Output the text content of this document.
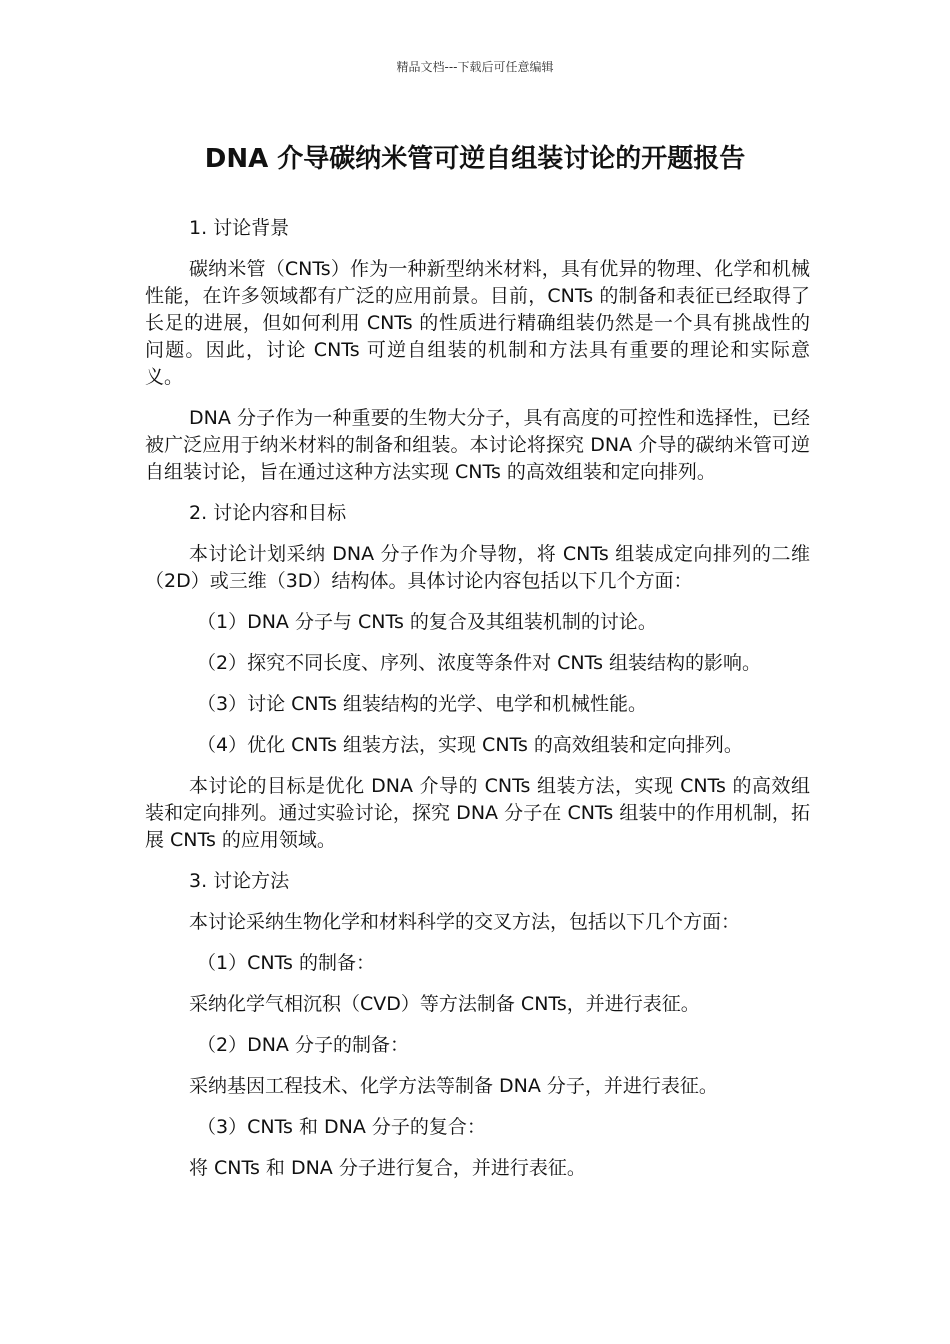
精品文档---下载后可任意编辑
DNA 介导碳纳米管可逆自组装讨论的开题报告

1. 讨论背景

碳纳米管（CNTs）作为一种新型纳米材料，具有优异的物理、化学和机械性能，在许多领域都有广泛的应用前景。目前，CNTs 的制备和表征已经取得了长足的进展，但如何利用 CNTs 的性质进行精确组装仍然是一个具有挑战性的问题。因此，讨论 CNTs 可逆自组装的机制和方法具有重要的理论和实际意义。

DNA 分子作为一种重要的生物大分子，具有高度的可控性和选择性，已经被广泛应用于纳米材料的制备和组装。本讨论将探究 DNA 介导的碳纳米管可逆自组装讨论，旨在通过这种方法实现 CNTs 的高效组装和定向排列。

2. 讨论内容和目标

本讨论计划采纳 DNA 分子作为介导物，将 CNTs 组装成定向排列的二维（2D）或三维（3D）结构体。具体讨论内容包括以下几个方面：

（1）DNA 分子与 CNTs 的复合及其组装机制的讨论。

（2）探究不同长度、序列、浓度等条件对 CNTs 组装结构的影响。

（3）讨论 CNTs 组装结构的光学、电学和机械性能。

（4）优化 CNTs 组装方法，实现 CNTs 的高效组装和定向排列。

本讨论的目标是优化 DNA 介导的 CNTs 组装方法，实现 CNTs 的高效组装和定向排列。通过实验讨论，探究 DNA 分子在 CNTs 组装中的作用机制，拓展 CNTs 的应用领域。

3. 讨论方法

本讨论采纳生物化学和材料科学的交叉方法，包括以下几个方面：

（1）CNTs 的制备：

采纳化学气相沉积（CVD）等方法制备 CNTs，并进行表征。

（2）DNA 分子的制备：

采纳基因工程技术、化学方法等制备 DNA 分子，并进行表征。

（3）CNTs 和 DNA 分子的复合：

将 CNTs 和 DNA 分子进行复合，并进行表征。
